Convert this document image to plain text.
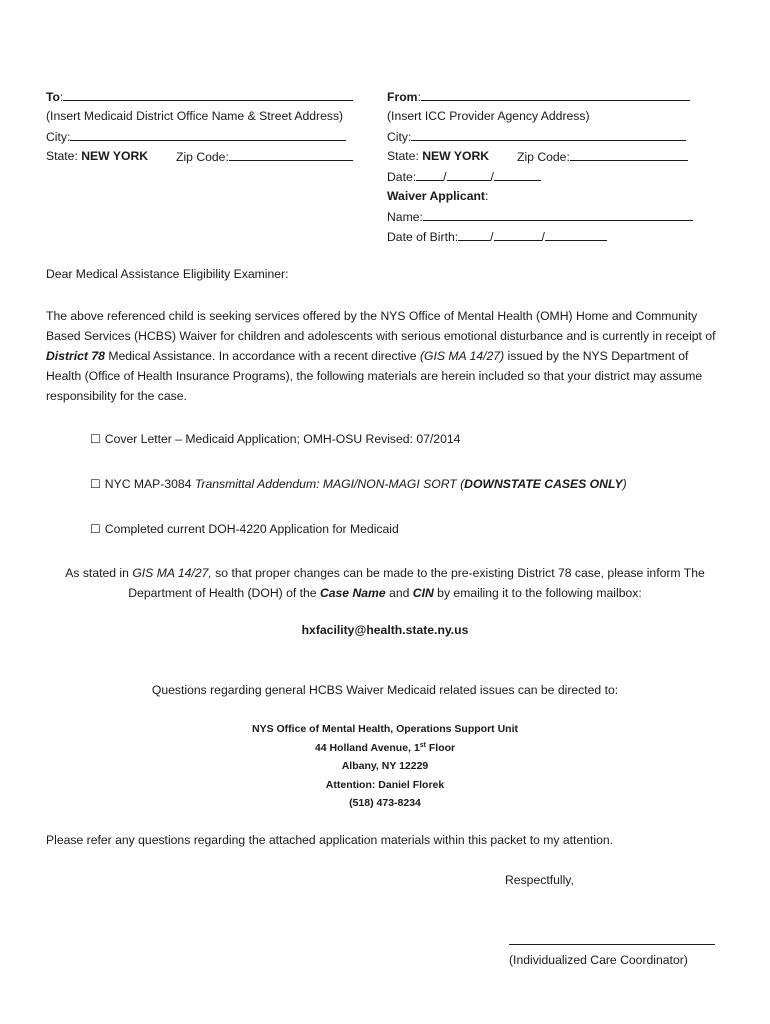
To:
(Insert Medicaid District Office Name & Street Address)
City:
State: NEW YORK Zip Code:
From:
(Insert ICC Provider Agency Address)
City:
State: NEW YORK Zip Code:
Date: /	/
Waiver Applicant:
Name:
Date of Birth:	/	/
Dear Medical Assistance Eligibility Examiner:
The above referenced child is seeking services offered by the NYS Office of Mental Health (OMH) Home and Community Based Services (HCBS) Waiver for children and adolescents with serious emotional disturbance and is currently in receipt of District 78 Medical Assistance. In accordance with a recent directive (GIS MA 14/27) issued by the NYS Department of Health (Office of Health Insurance Programs), the following materials are herein included so that your district may assume responsibility for the case.
☐ Cover Letter – Medicaid Application; OMH-OSU Revised: 07/2014
☐ NYC MAP-3084 Transmittal Addendum: MAGI/NON-MAGI SORT (DOWNSTATE CASES ONLY)
☐ Completed current DOH-4220 Application for Medicaid
As stated in GIS MA 14/27, so that proper changes can be made to the pre-existing District 78 case, please inform The
Department of Health (DOH) of the Case Name and CIN by emailing it to the following mailbox:
hxfacility@health.state.ny.us
Questions regarding general HCBS Waiver Medicaid related issues can be directed to:
NYS Office of Mental Health, Operations Support Unit
44 Holland Avenue, 1st Floor
Albany, NY 12229
Attention: Daniel Florek
(518) 473-8234
Please refer any questions regarding the attached application materials within this packet to my attention.
Respectfully,
(Individualized Care Coordinator)
